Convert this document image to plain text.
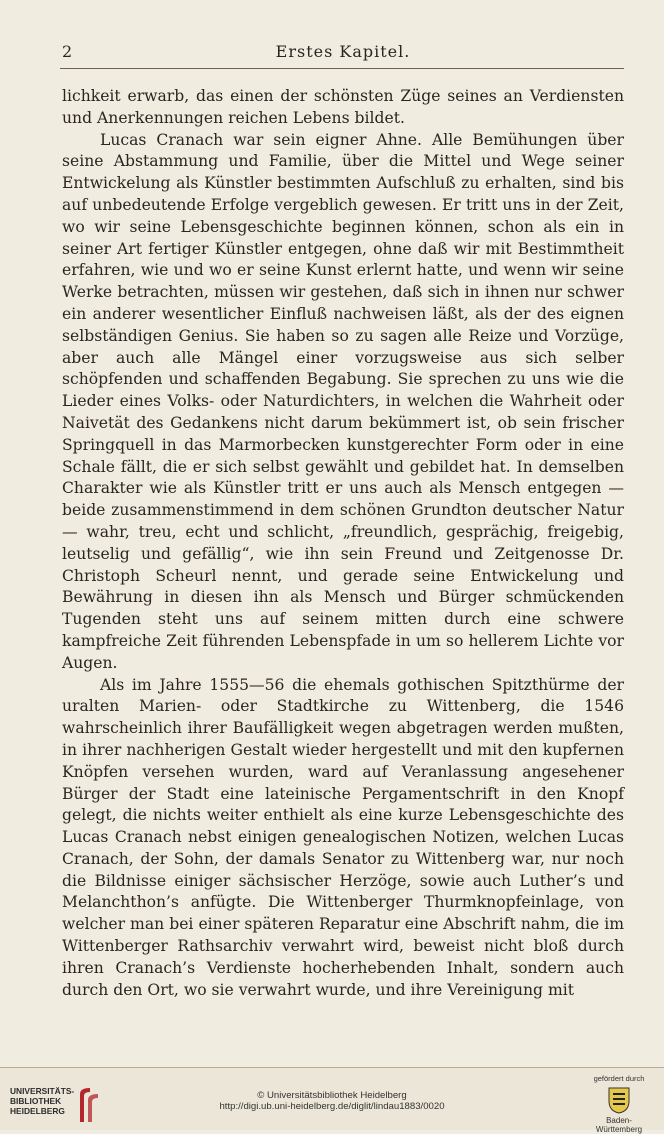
2	Erstes Kapitel.

lichkeit erwarb, das einen der schönsten Züge seines an Verdiensten und Anerkennungen reichen Lebens bildet.

Lucas Cranach war sein eigner Ahne. Alle Bemühungen über seine Abstammung und Familie, über die Mittel und Wege seiner Entwickelung als Künstler bestimmten Aufschluß zu erhalten, sind bis auf unbedeutende Erfolge vergeblich gewesen. Er tritt uns in der Zeit, wo wir seine Lebensgeschichte beginnen können, schon als ein in seiner Art fertiger Künstler entgegen, ohne daß wir mit Bestimmtheit erfahren, wie und wo er seine Kunst erlernt hatte, und wenn wir seine Werke betrachten, müssen wir gestehen, daß sich in ihnen nur schwer ein anderer wesentlicher Einfluß nachweisen läßt, als der des eignen selbständigen Genius. Sie haben so zu sagen alle Reize und Vorzüge, aber auch alle Mängel einer vorzugsweise aus sich selber schöpfenden und schaffenden Begabung. Sie sprechen zu uns wie die Lieder eines Volks- oder Naturdichters, in welchen die Wahrheit oder Naivetät des Gedankens nicht darum bekümmert ist, ob sein frischer Springquell in das Marmorbecken kunstgerechter Form oder in eine Schale fällt, die er sich selbst gewählt und gebildet hat. In demselben Charakter wie als Künstler tritt er uns auch als Mensch entgegen — beide zusammenstimmend in dem schönen Grundton deutscher Natur — wahr, treu, echt und schlicht, „freundlich, gesprächig, freigebig, leutselig und gefällig“, wie ihn sein Freund und Zeitgenosse Dr. Christoph Scheurl nennt, und gerade seine Entwickelung und Bewährung in diesen ihn als Mensch und Bürger schmückenden Tugenden steht uns auf seinem mitten durch eine schwere kampfreiche Zeit führenden Lebenspfade in um so hellerem Lichte vor Augen.

Als im Jahre 1555—56 die ehemals gothischen Spitzthürme der uralten Marien- oder Stadtkirche zu Wittenberg, die 1546 wahrscheinlich ihrer Baufälligkeit wegen abgetragen werden mußten, in ihrer nachherigen Gestalt wieder hergestellt und mit den kupfernen Knöpfen versehen wurden, ward auf Veranlassung angesehener Bürger der Stadt eine lateinische Pergamentschrift in den Knopf gelegt, die nichts weiter enthielt als eine kurze Lebensgeschichte des Lucas Cranach nebst einigen genealogischen Notizen, welchen Lucas Cranach, der Sohn, der damals Senator zu Wittenberg war, nur noch die Bildnisse einiger sächsischer Herzöge, sowie auch Luther’s und Melanchthon’s anfügte. Die Wittenberger Thurmknopfeinlage, von welcher man bei einer späteren Reparatur eine Abschrift nahm, die im Wittenberger Rathsarchiv verwahrt wird, beweist nicht bloß durch ihren Cranach’s Verdienste hocherhebenden Inhalt, sondern auch durch den Ort, wo sie verwahrt wurde, und ihre Vereinigung mit

UNIVERSITÄTS-
BIBLIOTHEK
HEIDELBERG
© Universitätsbibliothek Heidelberg
http://digi.ub.uni-heidelberg.de/diglit/lindau1883/0020
gefördert durch
Baden-Württemberg
